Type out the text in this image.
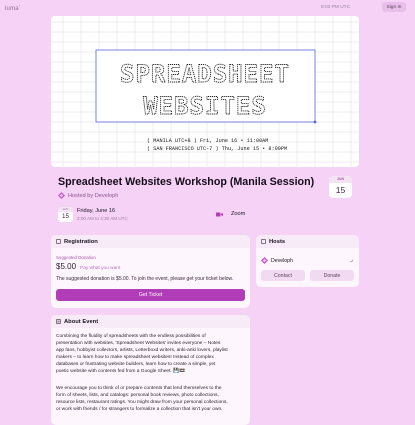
luma*	8:03 PM UTC	Sign In
SPREADSHEET
WEBSITES
( MANILA UTC+8 ) Fri, June 16 • 11:00AM
( SAN FRANCISCO UTC-7 ) Thu, June 15 • 8:00PM
Spreadsheet Websites Workshop (Manila Session)	JUN
15
Hosted by Developh
JUN
15
Friday, June 16
2:00 AM to 4:30 AM UTC
Zoom
Registration
Suggested Donation
$5.00 Pay what you want
The suggested donation is $5.00. To join the event, please get your ticket below.
Get Ticket
Hosts
Developh
Contact	Donate
About Event
Combining the fluidity of spreadsheets with the endless possibilities of
presentation with websites, 'Spreadsheet Websites' invites everyone – Notes
app fans, hobbyist collectors, artists, Letterboxd writers, anki-anki lovers, playlist
makers – to learn how to make spreadsheet websites! Instead of complex
databases or frustrating website builders, learn how to create a simple, yet
poetic website with contents fed from a Google Sheet. 💾📼
We encourage you to think of or prepare contents that lend themselves to the
form of sheets, lists, and catalogs: personal book reviews, photo collections,
resource lists, restaurant ratings. You might draw from your personal collections,
or work with friends / for strangers to formalize a collection that isn't your own.
